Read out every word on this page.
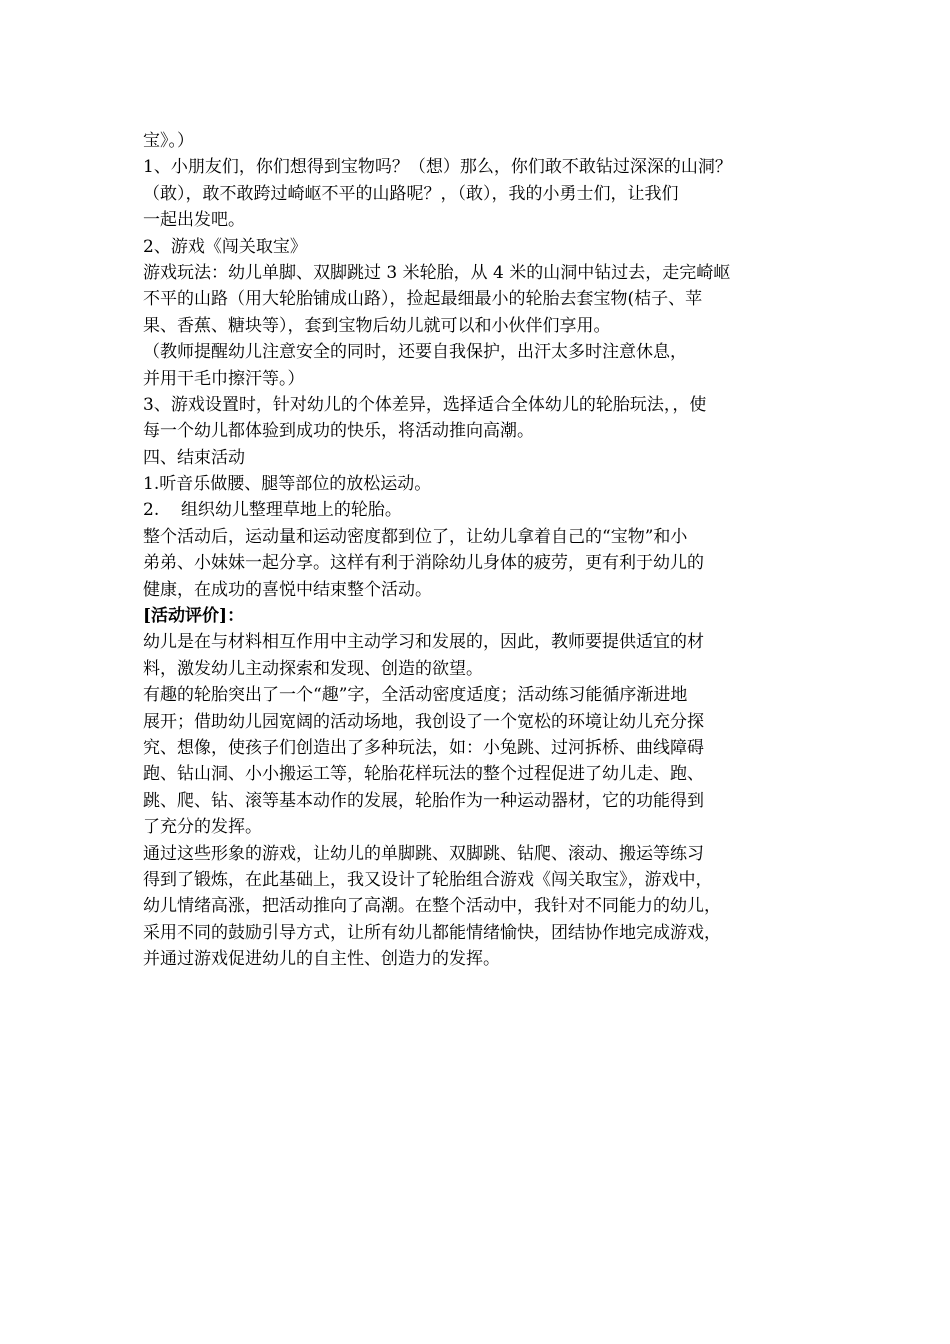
宝》。）
1、小朋友们，你们想得到宝物吗？（想）那么，你们敢不敢钻过深深的山洞？
（敢），敢不敢跨过崎岖不平的山路呢？，（敢），我的小勇士们，让我们
一起出发吧。
2、游戏《闯关取宝》
游戏玩法：幼儿单脚、双脚跳过 3 米轮胎，从 4 米的山洞中钻过去，走完崎岖
不平的山路（用大轮胎铺成山路），捡起最细最小的轮胎去套宝物(桔子、苹
果、香蕉、糖块等），套到宝物后幼儿就可以和小伙伴们享用。
（教师提醒幼儿注意安全的同时，还要自我保护，出汗太多时注意休息，
并用干毛巾擦汗等。）
3、游戏设置时，针对幼儿的个体差异，选择适合全体幼儿的轮胎玩法，，使
每一个幼儿都体验到成功的快乐，将活动推向高潮。
四、结束活动
1.听音乐做腰、腿等部位的放松运动。
2.    组织幼儿整理草地上的轮胎。
整个活动后，运动量和运动密度都到位了，让幼儿拿着自己的“宝物”和小
弟弟、小妹妹一起分享。这样有利于消除幼儿身体的疲劳，更有利于幼儿的
健康，在成功的喜悦中结束整个活动。
[活动评价]：
幼儿是在与材料相互作用中主动学习和发展的，因此，教师要提供适宜的材
料，激发幼儿主动探索和发现、创造的欲望。
有趣的轮胎突出了一个“趣”字，全活动密度适度；活动练习能循序渐进地
展开；借助幼儿园宽阔的活动场地，我创设了一个宽松的环境让幼儿充分探
究、想像，使孩子们创造出了多种玩法，如：小兔跳、过河拆桥、曲线障碍
跑、钻山洞、小小搬运工等，轮胎花样玩法的整个过程促进了幼儿走、跑、
跳、爬、钻、滚等基本动作的发展，轮胎作为一种运动器材，它的功能得到
了充分的发挥。
通过这些形象的游戏，让幼儿的单脚跳、双脚跳、钻爬、滚动、搬运等练习
得到了锻炼，在此基础上，我又设计了轮胎组合游戏《闯关取宝》，游戏中，
幼儿情绪高涨，把活动推向了高潮。在整个活动中，我针对不同能力的幼儿，
采用不同的鼓励引导方式，让所有幼儿都能情绪愉快，团结协作地完成游戏，
并通过游戏促进幼儿的自主性、创造力的发挥。
